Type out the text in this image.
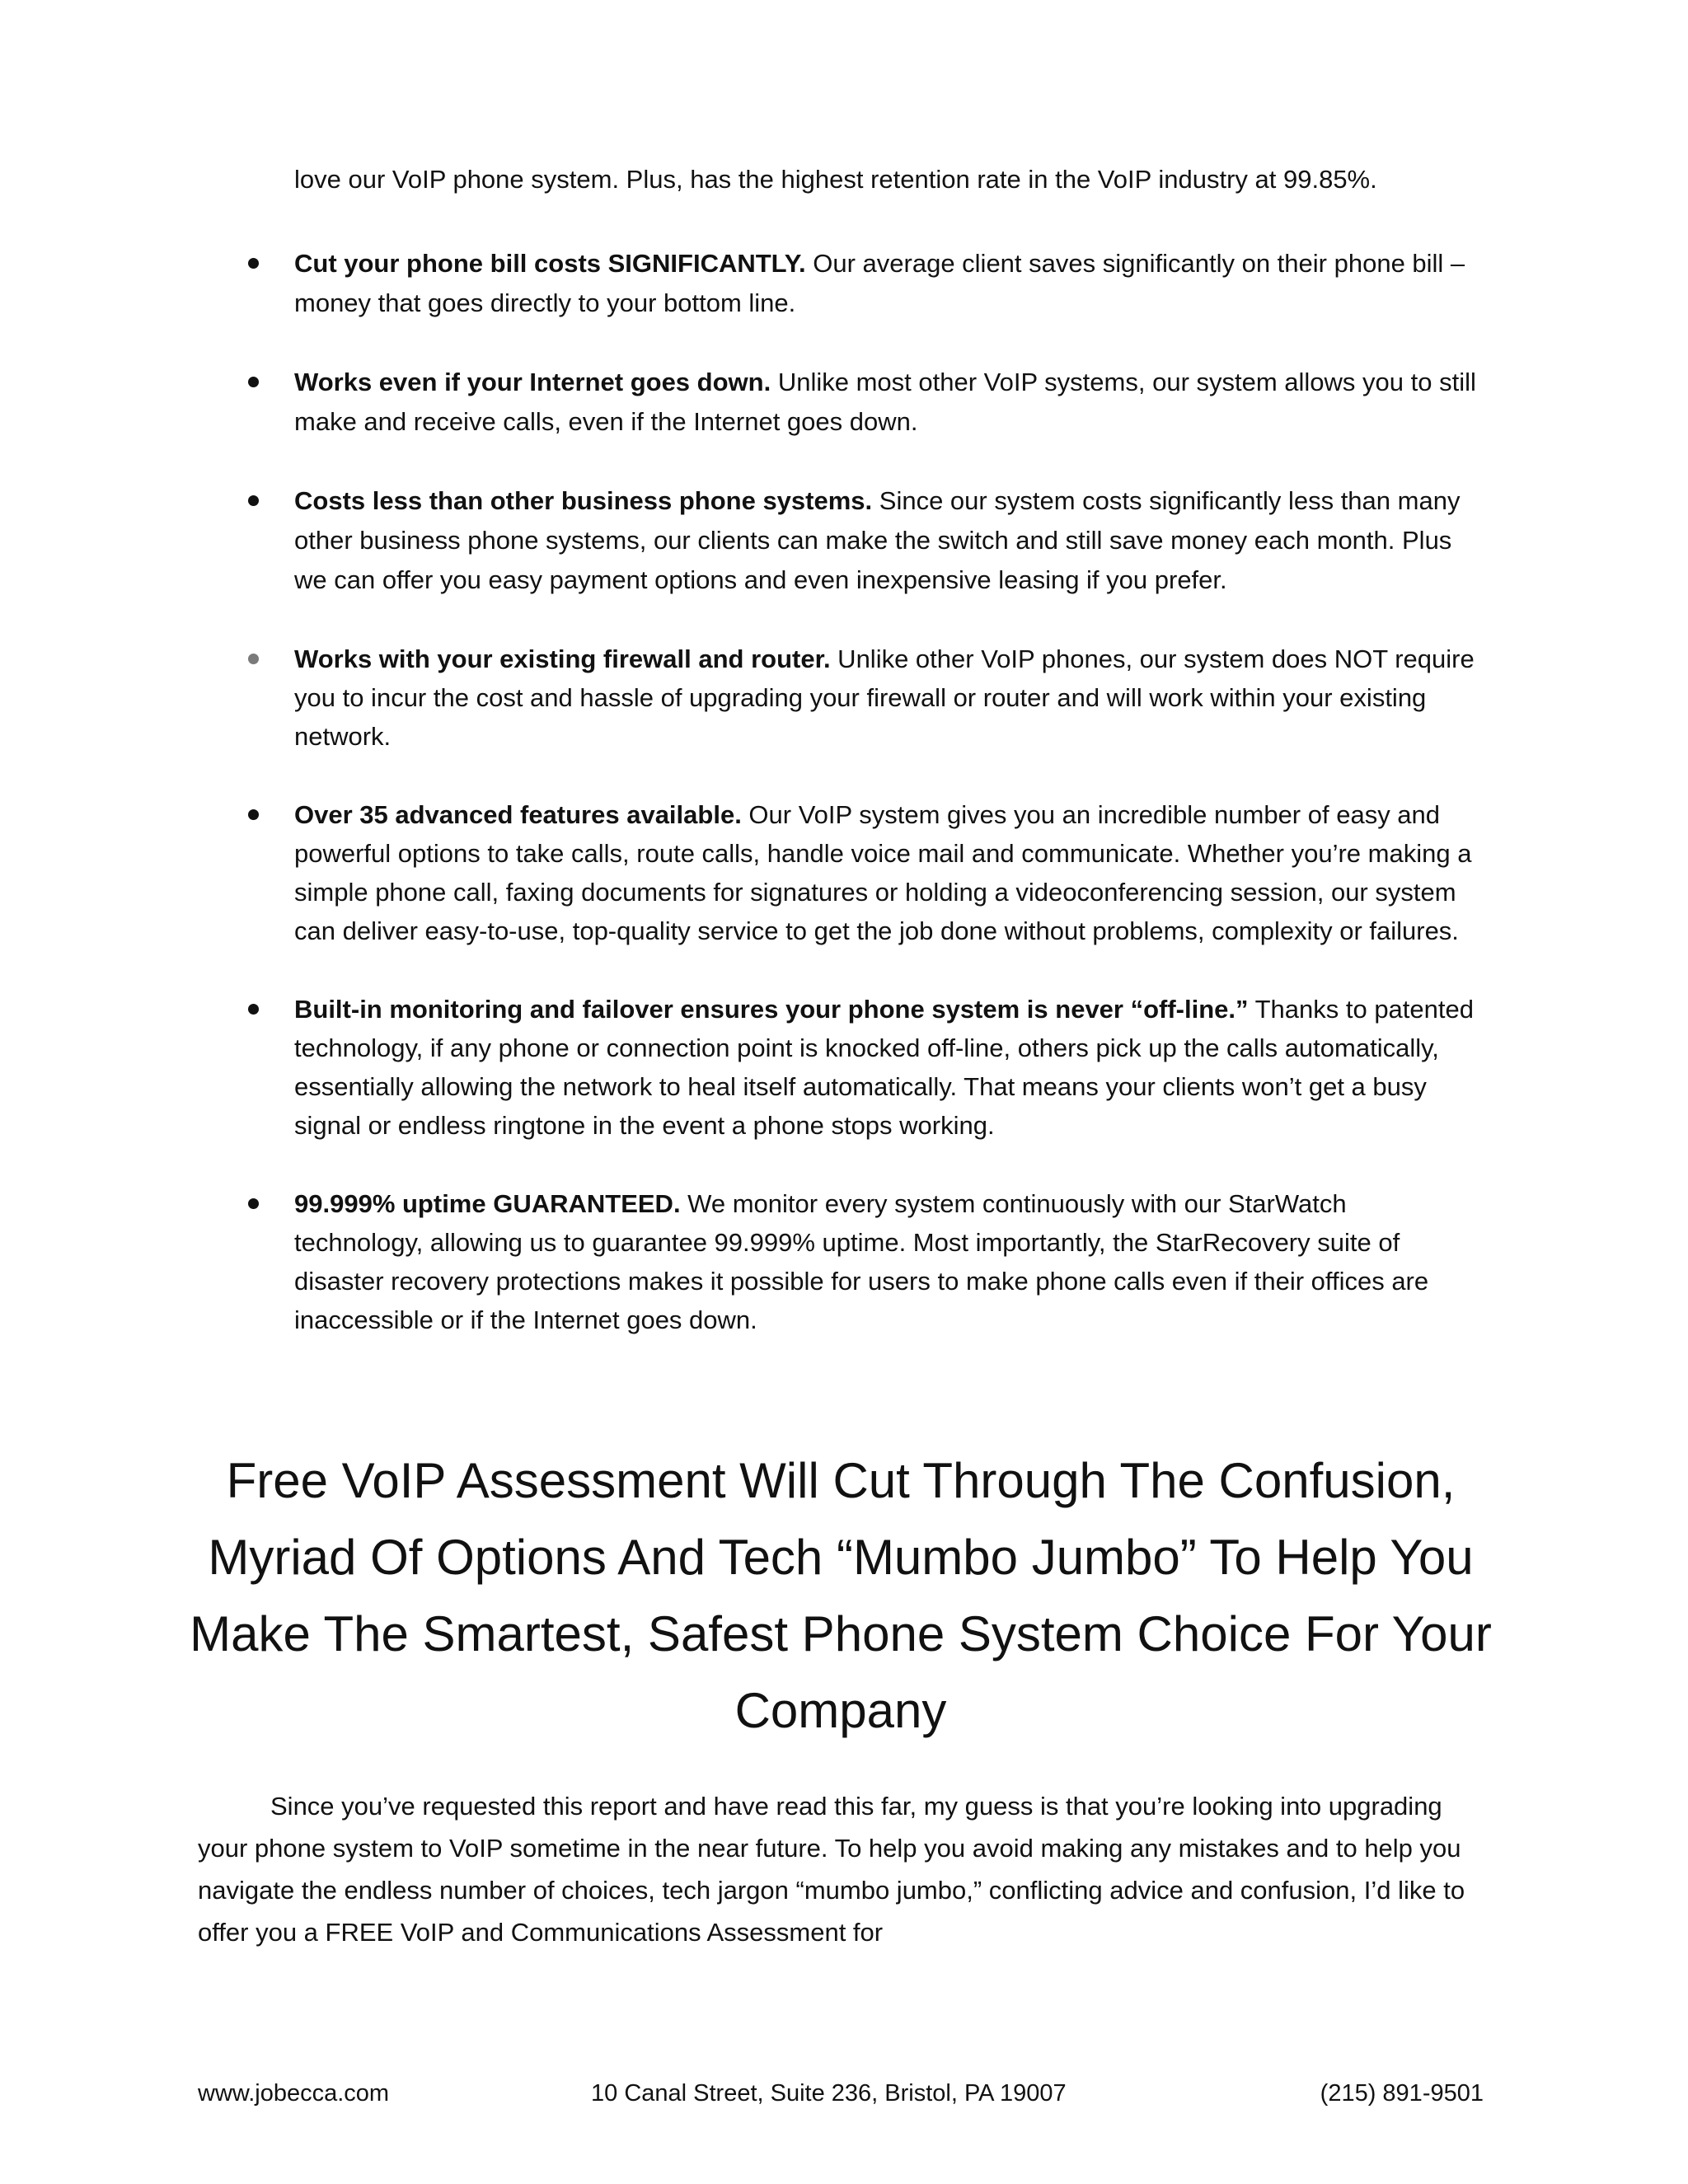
love our VoIP phone system. Plus, has the highest retention rate in the VoIP industry at 99.85%.
Cut your phone bill costs SIGNIFICANTLY. Our average client saves significantly on their phone bill – money that goes directly to your bottom line.
Works even if your Internet goes down. Unlike most other VoIP systems, our system allows you to still make and receive calls, even if the Internet goes down.
Costs less than other business phone systems. Since our system costs significantly less than many other business phone systems, our clients can make the switch and still save money each month. Plus we can offer you easy payment options and even inexpensive leasing if you prefer.
Works with your existing firewall and router. Unlike other VoIP phones, our system does NOT require you to incur the cost and hassle of upgrading your firewall or router and will work within your existing network.
Over 35 advanced features available. Our VoIP system gives you an incredible number of easy and powerful options to take calls, route calls, handle voice mail and communicate. Whether you’re making a simple phone call, faxing documents for signatures or holding a videoconferencing session, our system can deliver easy-to-use, top-quality service to get the job done without problems, complexity or failures.
Built-in monitoring and failover ensures your phone system is never “off-line.” Thanks to patented technology, if any phone or connection point is knocked off-line, others pick up the calls automatically, essentially allowing the network to heal itself automatically. That means your clients won’t get a busy signal or endless ringtone in the event a phone stops working.
99.999% uptime GUARANTEED. We monitor every system continuously with our StarWatch technology, allowing us to guarantee 99.999% uptime. Most importantly, the StarRecovery suite of disaster recovery protections makes it possible for users to make phone calls even if their offices are inaccessible or if the Internet goes down.
Free VoIP Assessment Will Cut Through The Confusion, Myriad Of Options And Tech “Mumbo Jumbo” To Help You Make The Smartest, Safest Phone System Choice For Your Company

Since you’ve requested this report and have read this far, my guess is that you’re looking into upgrading your phone system to VoIP sometime in the near future. To help you avoid making any mistakes and to help you navigate the endless number of choices, tech jargon “mumbo jumbo,” conflicting advice and confusion, I’d like to offer you a FREE VoIP and Communications Assessment for

www.jobecca.com	10 Canal Street, Suite 236, Bristol, PA 19007	(215) 891-9501
